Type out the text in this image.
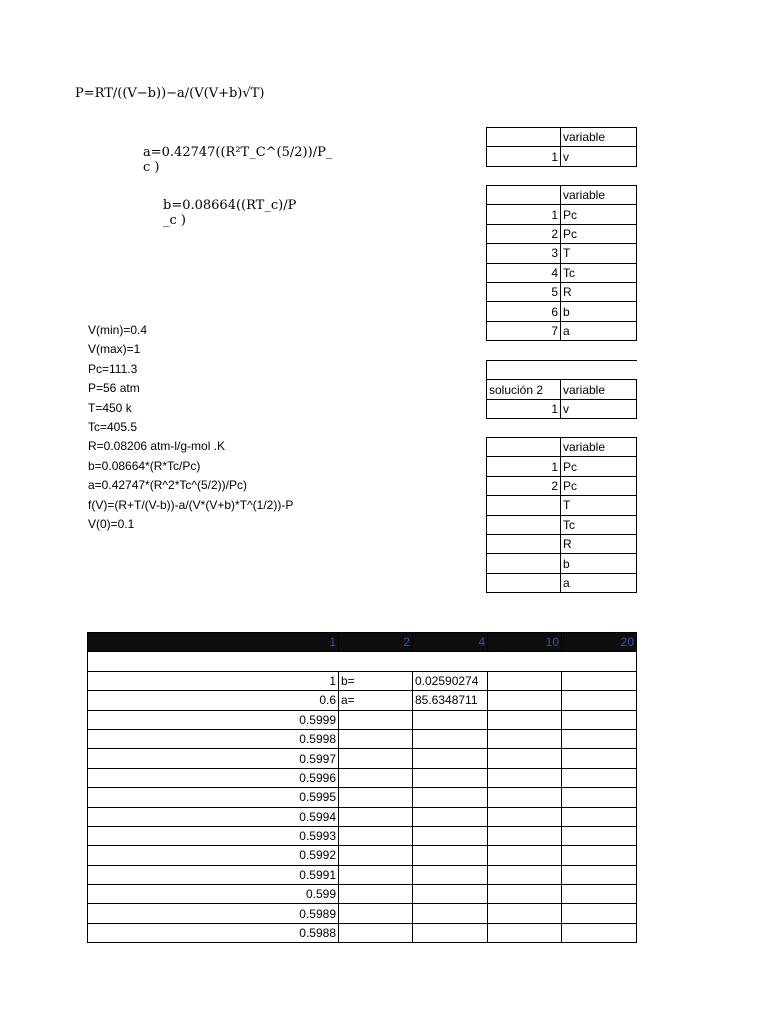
P=RT/((V−b))−a/(V(V+b)√T)
a=0.42747((R²T_C^(5/2))/P_
c )
b=0.08664((RT_c)/P
_c )
V(min)=0.4
V(max)=1
Pc=111.3
P=56 atm
T=450 k
Tc=405.5
R=0.08206 atm-l/g-mol .K
b=0.08664*(R*Tc/Pc)
a=0.42747*(R^2*Tc^(5/2))/Pc)
f(V)=(R+T/(V-b))-a/(V*(V+b)*T^(1/2))-P
V(0)=0.1
	variable
1	v
	variable
1	Pc
2	Pc
3	T
4	Tc
5	R
6	b
7	a

solución 2	variable
1	v
	variable
1	Pc
2	Pc
	T
	Tc
	R
	b
	a
1	2	4	10	20

1	b=	0.02590274		
0.6	a=	85.6348711		
0.5999				
0.5998				
0.5997				
0.5996				
0.5995				
0.5994				
0.5993				
0.5992				
0.5991				
0.599				
0.5989				
0.5988				
